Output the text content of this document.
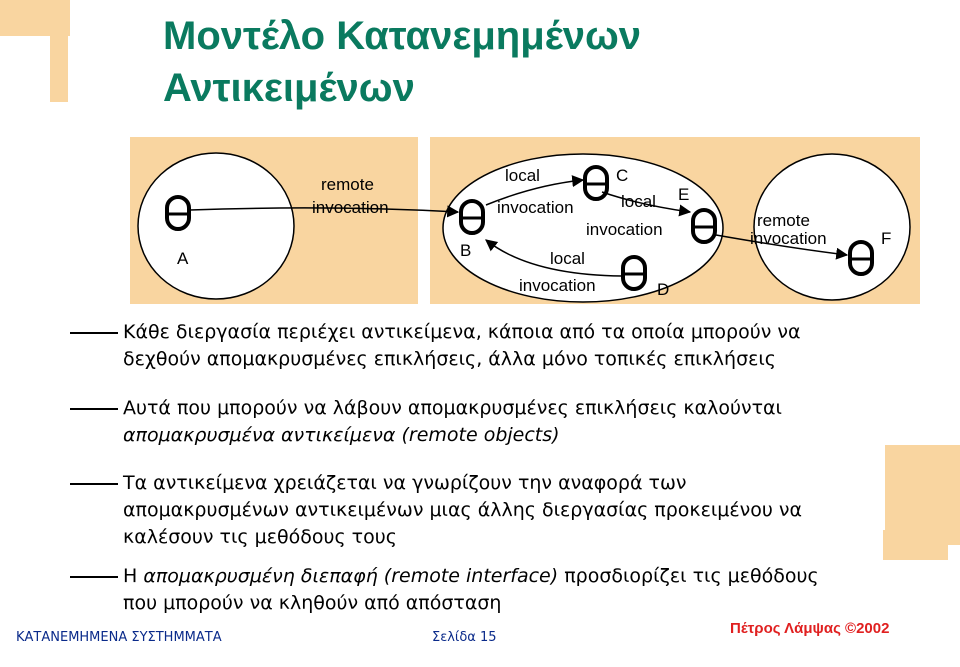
Μοντέλο Κατανεμημένων
Αντικειμένων
remote
invocation
local
invocation	local
invocation
local
invocation
remote
invocation
A	B
C
D
E
F
Κάθε διεργασία περιέχει αντικείμενα, κάποια από τα οποία μπορούν να
δεχθούν απομακρυσμένες επικλήσεις, άλλα μόνο τοπικές επικλήσεις
Αυτά που μπορούν να λάβουν απομακρυσμένες επικλήσεις καλούνται
απομακρυσμένα αντικείμενα (remote objects)
Τα αντικείμενα χρειάζεται να γνωρίζουν την αναφορά των
απομακρυσμένων αντικειμένων μιας άλλης διεργασίας προκειμένου να
καλέσουν τις μεθόδους τους
Η απομακρυσμένη διεπαφή (remote interface) προσδιορίζει τις μεθόδους
που μπορούν να κληθούν από απόσταση
ΚΑΤΑΝΕΜΗΜΕΝΑ ΣΥΣΤΗΜΜΑΤΑ	Σελίδα 15
Πέτρος Λάμψας ©2002
